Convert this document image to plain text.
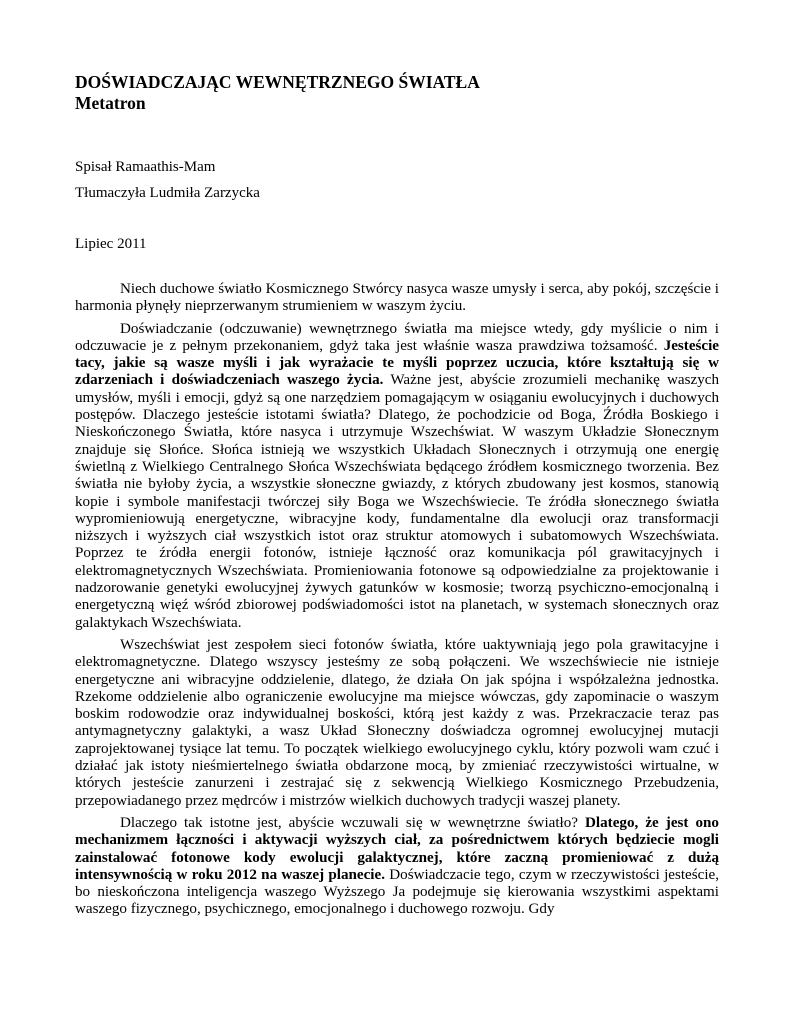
DOŚWIADCZAJĄC WEWNĘTRZNEGO ŚWIATŁA
Metatron

Spisał Ramaathis-Mam

Tłumaczyła Ludmiła Zarzycka

Lipiec 2011

Niech duchowe światło Kosmicznego Stwórcy nasyca wasze umysły i serca, aby pokój, szczęście i harmonia płynęły nieprzerwanym strumieniem w waszym życiu.

Doświadczanie (odczuwanie) wewnętrznego światła ma miejsce wtedy, gdy myślicie o nim i odczuwacie je z pełnym przekonaniem, gdyż taka jest właśnie wasza prawdziwa tożsamość. Jesteście tacy, jakie są wasze myśli i jak wyrażacie te myśli poprzez uczucia, które kształtują się w zdarzeniach i doświadczeniach waszego życia. Ważne jest, abyście zrozumieli mechanikę waszych umysłów, myśli i emocji, gdyż są one narzędziem pomagającym w osiąganiu ewolucyjnych i duchowych postępów. Dlaczego jesteście istotami światła? Dlatego, że pochodzicie od Boga, Źródła Boskiego i Nieskończonego Światła, które nasyca i utrzymuje Wszechświat. W waszym Układzie Słonecznym znajduje się Słońce. Słońca istnieją we wszystkich Układach Słonecznych i otrzymują one energię świetlną z Wielkiego Centralnego Słońca Wszechświata będącego źródłem kosmicznego tworzenia. Bez światła nie byłoby życia, a wszystkie słoneczne gwiazdy, z których zbudowany jest kosmos, stanowią kopie i symbole manifestacji twórczej siły Boga we Wszechświecie. Te źródła słonecznego światła wypromieniowują energetyczne, wibracyjne kody, fundamentalne dla ewolucji oraz transformacji niższych i wyższych ciał wszystkich istot oraz struktur atomowych i subatomowych Wszechświata. Poprzez te źródła energii fotonów, istnieje łączność oraz komunikacja pól grawitacyjnych i elektromagnetycznych Wszechświata. Promieniowania fotonowe są odpowiedzialne za projektowanie i nadzorowanie genetyki ewolucyjnej żywych gatunków w kosmosie; tworzą psychiczno-emocjonalną i energetyczną więź wśród zbiorowej podświadomości istot na planetach, w systemach słonecznych oraz galaktykach Wszechświata.

Wszechświat jest zespołem sieci fotonów światła, które uaktywniają jego pola grawitacyjne i elektromagnetyczne. Dlatego wszyscy jesteśmy ze sobą połączeni. We wszechświecie nie istnieje energetyczne ani wibracyjne oddzielenie, dlatego, że działa On jak spójna i współzależna jednostka. Rzekome oddzielenie albo ograniczenie ewolucyjne ma miejsce wówczas, gdy zapominacie o waszym boskim rodowodzie oraz indywidualnej boskości, którą jest każdy z was. Przekraczacie teraz pas antymagnetyczny galaktyki, a wasz Układ Słoneczny doświadcza ogromnej ewolucyjnej mutacji zaprojektowanej tysiące lat temu. To początek wielkiego ewolucyjnego cyklu, który pozwoli wam czuć i działać jak istoty nieśmiertelnego światła obdarzone mocą, by zmieniać rzeczywistości wirtualne, w których jesteście zanurzeni i zestrajać się z sekwencją Wielkiego Kosmicznego Przebudzenia, przepowiadanego przez mędrców i mistrzów wielkich duchowych tradycji waszej planety.

Dlaczego tak istotne jest, abyście wczuwali się w wewnętrzne światło? Dlatego, że jest ono mechanizmem łączności i aktywacji wyższych ciał, za pośrednictwem których będziecie mogli zainstalować fotonowe kody ewolucji galaktycznej, które zaczną promieniować z dużą intensywnością w roku 2012 na waszej planecie. Doświadczacie tego, czym w rzeczywistości jesteście, bo nieskończona inteligencja waszego Wyższego Ja podejmuje się kierowania wszystkimi aspektami waszego fizycznego, psychicznego, emocjonalnego i duchowego rozwoju. Gdy
